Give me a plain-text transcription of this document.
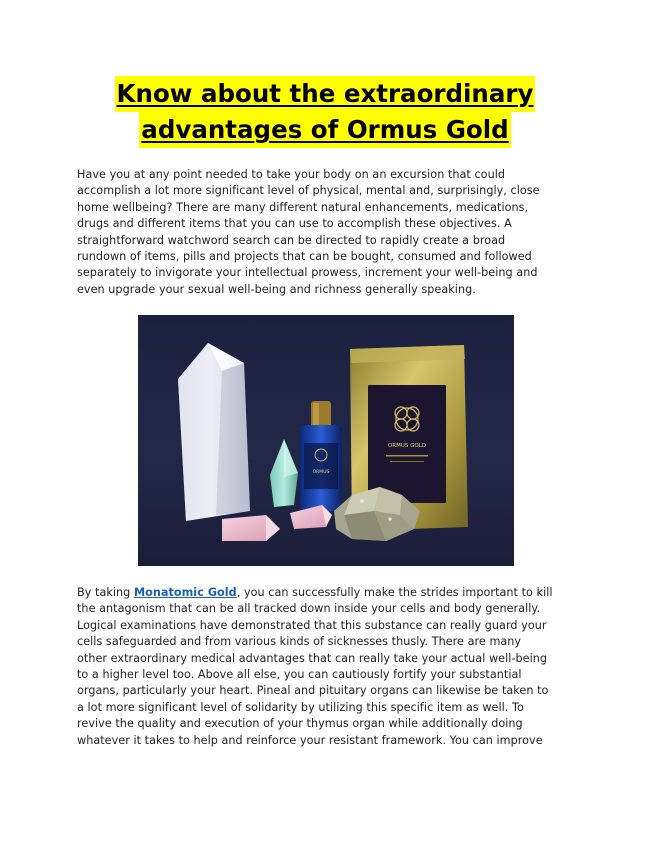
Know about the extraordinary
advantages of Ormus Gold

Have you at any point needed to take your body on an excursion that could
accomplish a lot more significant level of physical, mental and, surprisingly, close
home wellbeing? There are many different natural enhancements, medications,
drugs and different items that you can use to accomplish these objectives. A
straightforward watchword search can be directed to rapidly create a broad
rundown of items, pills and projects that can be bought, consumed and followed
separately to invigorate your intellectual prowess, increment your well-being and
even upgrade your sexual well-being and richness generally speaking.

ORMUS GOLD
ORMUS

By taking Monatomic Gold, you can successfully make the strides important to kill
the antagonism that can be all tracked down inside your cells and body generally.
Logical examinations have demonstrated that this substance can really guard your
cells safeguarded and from various kinds of sicknesses thusly. There are many
other extraordinary medical advantages that can really take your actual well-being
to a higher level too. Above all else, you can cautiously fortify your substantial
organs, particularly your heart. Pineal and pituitary organs can likewise be taken to
a lot more significant level of solidarity by utilizing this specific item as well. To
revive the quality and execution of your thymus organ while additionally doing
whatever it takes to help and reinforce your resistant framework. You can improve
